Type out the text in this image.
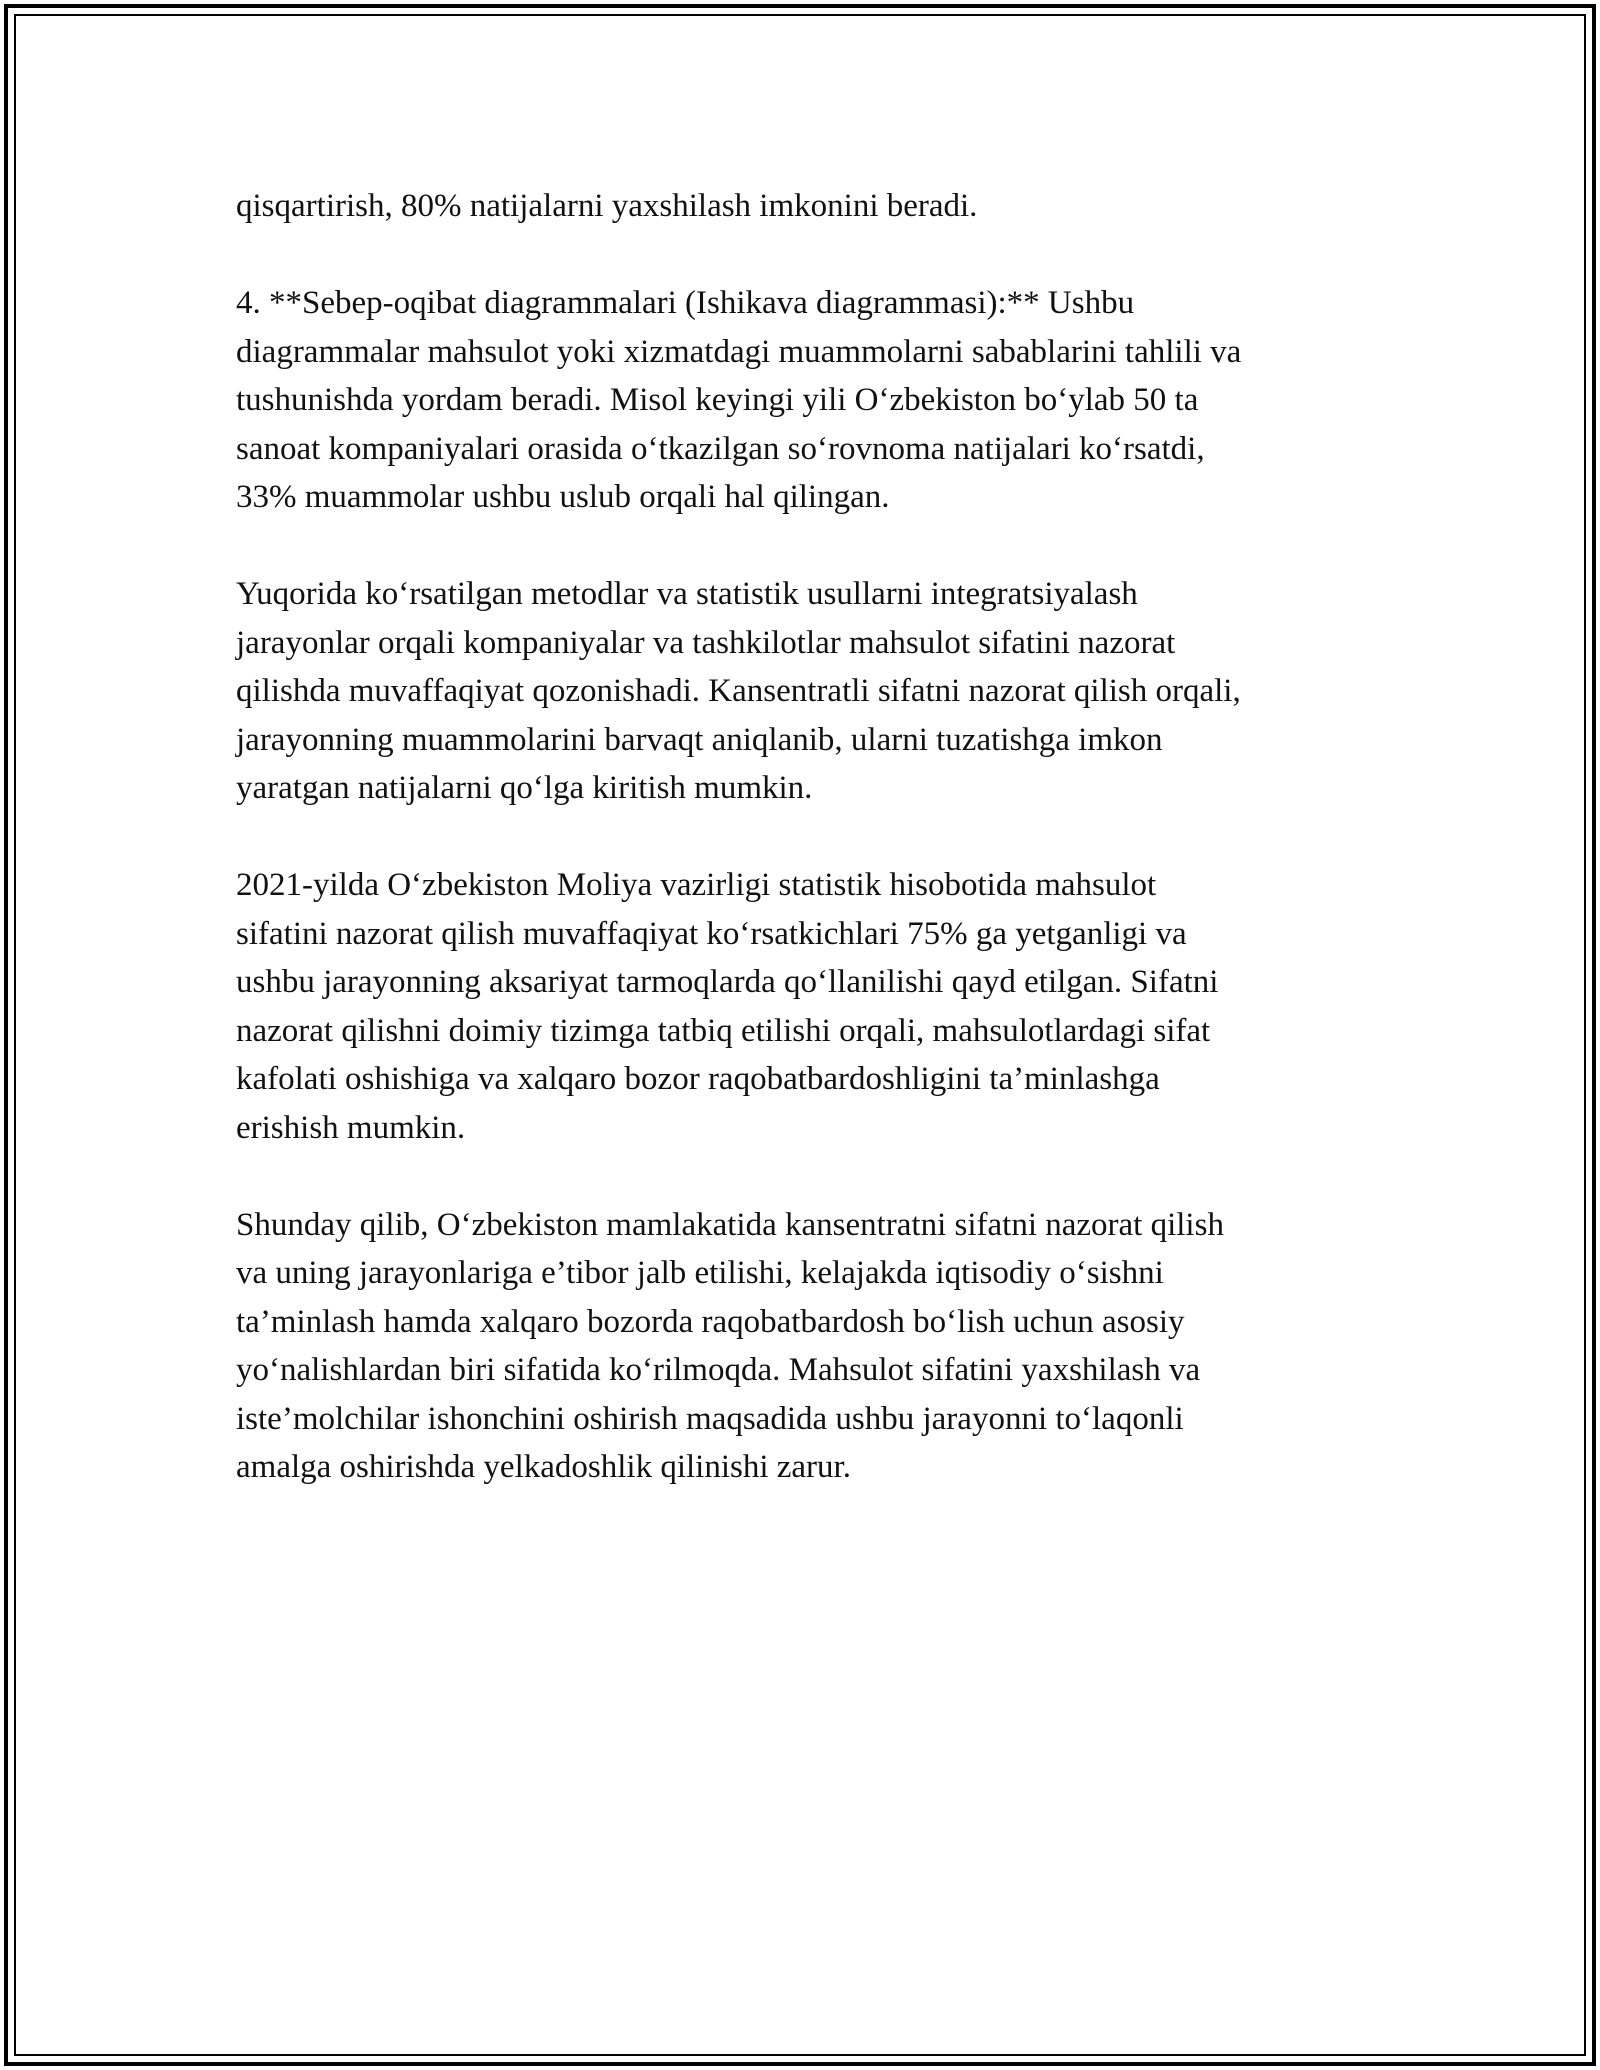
qisqartirish, 80% natijalarni yaxshilash imkonini beradi.

4. **Sebep-oqibat diagrammalari (Ishikava diagrammasi):** Ushbu
diagrammalar mahsulot yoki xizmatdagi muammolarni sabablarini tahlili va
tushunishda yordam beradi. Misol keyingi yili O‘zbekiston bo‘ylab 50 ta
sanoat kompaniyalari orasida o‘tkazilgan so‘rovnoma natijalari ko‘rsatdi,
33% muammolar ushbu uslub orqali hal qilingan.

Yuqorida ko‘rsatilgan metodlar va statistik usullarni integratsiyalash
jarayonlar orqali kompaniyalar va tashkilotlar mahsulot sifatini nazorat
qilishda muvaffaqiyat qozonishadi. Kansentratli sifatni nazorat qilish orqali,
jarayonning muammolarini barvaqt aniqlanib, ularni tuzatishga imkon
yaratgan natijalarni qo‘lga kiritish mumkin.

2021-yilda O‘zbekiston Moliya vazirligi statistik hisobotida mahsulot
sifatini nazorat qilish muvaffaqiyat ko‘rsatkichlari 75% ga yetganligi va
ushbu jarayonning aksariyat tarmoqlarda qo‘llanilishi qayd etilgan. Sifatni
nazorat qilishni doimiy tizimga tatbiq etilishi orqali, mahsulotlardagi sifat
kafolati oshishiga va xalqaro bozor raqobatbardoshligini ta’minlashga
erishish mumkin.

Shunday qilib, O‘zbekiston mamlakatida kansentratni sifatni nazorat qilish
va uning jarayonlariga e’tibor jalb etilishi, kelajakda iqtisodiy o‘sishni
ta’minlash hamda xalqaro bozorda raqobatbardosh bo‘lish uchun asosiy
yo‘nalishlardan biri sifatida ko‘rilmoqda. Mahsulot sifatini yaxshilash va
iste’molchilar ishonchini oshirish maqsadida ushbu jarayonni to‘laqonli
amalga oshirishda yelkadoshlik qilinishi zarur.
